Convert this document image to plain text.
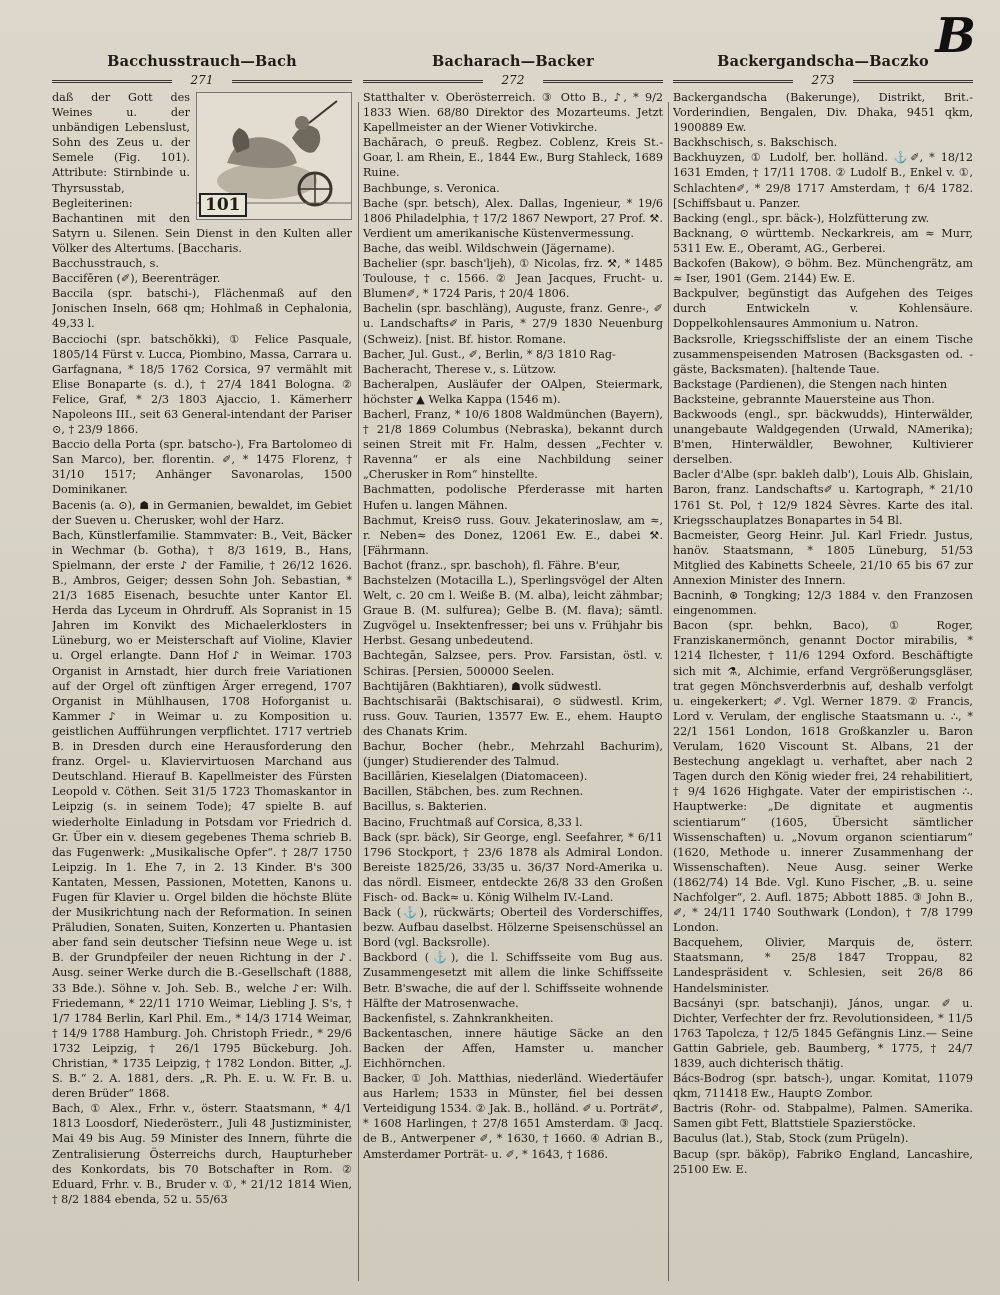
B
Bacchusstrauch—Bach
271
101

daß der Gott des Weines u. der unbändigen Lebenslust, Sohn des Zeus u. der Semele (Fig. 101). Attribute: Stirnbinde u. Thyrsusstab, Begleiterinen: Bachantinen mit den Satyrn u. Silenen. Sein Dienst in den Kulten aller Völker des Altertums. [Baccharis.

Bacchusstrauch, s.

Baccifēren (✐), Beerenträger.

Baccila (spr. batschi-), Flächenmaß auf den Jonischen Inseln, 668 qm; Hohlmaß in Cephalonia, 49,33 l.

Bacciochi (spr. batschŏkki), ① Felice Pasquale, 1805/14 Fürst v. Lucca, Piombino, Massa, Carrara u. Garfagnana, * 18/5 1762 Corsica, 97 vermählt mit Elise Bonaparte (s. d.), † 27/4 1841 Bologna. ② Felice, Graf, * 2/3 1803 Ajaccio, 1. Kämerherr Napoleons III., seit 63 General-intendant der Pariser ⊙, † 23/9 1866.

Baccio della Porta (spr. batscho-), Fra Bartolomeo di San Marco), ber. florentin. ✐, * 1475 Florenz, † 31/10 1517; Anhänger Savonarolas, 1500 Dominikaner.

Bacenis (a. ⊙), ☗ in Germanien, bewaldet, im Gebiet der Sueven u. Cherusker, wohl der Harz.

Bach, Künstlerfamilie. Stammvater: B., Veit, Bäcker in Wechmar (b. Gotha), † 8/3 1619, B., Hans, Spielmann, der erste ♪ der Familie, † 26/12 1626. B., Ambros, Geiger; dessen Sohn Joh. Sebastian, * 21/3 1685 Eisenach, besuchte unter Kantor El. Herda das Lyceum in Ohrdruff. Als Sopranist in 15 Jahren im Konvikt des Michaelerklosters in Lüneburg, wo er Meisterschaft auf Violine, Klavier u. Orgel erlangte. Dann Hof♪ in Weimar. 1703 Organist in Arnstadt, hier durch freie Variationen auf der Orgel oft zünftigen Ärger erregend, 1707 Organist in Mühlhausen, 1708 Hoforganist u. Kammer♪ in Weimar u. zu Komposition u. geistlichen Aufführungen verpflichtet. 1717 vertrieb B. in Dresden durch eine Herausforderung den franz. Orgel- u. Klaviervirtuosen Marchand aus Deutschland. Hierauf B. Kapellmeister des Fürsten Leopold v. Cöthen. Seit 31/5 1723 Thomaskantor in Leipzig (s. in seinem Tode); 47 spielte B. auf wiederholte Einladung in Potsdam vor Friedrich d. Gr. Über ein v. diesem gegebenes Thema schrieb B. das Fugenwerk: „Musikalische Opfer“. † 28/7 1750 Leipzig. In 1. Ehe 7, in 2. 13 Kinder. B's 300 Kantaten, Messen, Passionen, Motetten, Kanons u. Fugen für Klavier u. Orgel bilden die höchste Blüte der Musikrichtung nach der Reformation. In seinen Präludien, Sonaten, Suiten, Konzerten u. Phantasien aber fand sein deutscher Tiefsinn neue Wege u. ist B. der Grundpfeiler der neuen Richtung in der ♪. Ausg. seiner Werke durch die B.-Gesellschaft (1888, 33 Bde.). Söhne v. Joh. Seb. B., welche ♪er: Wilh. Friedemann, * 22/11 1710 Weimar, Liebling J. S's, † 1/7 1784 Berlin, Karl Phil. Em., * 14/3 1714 Weimar, † 14/9 1788 Hamburg. Joh. Christoph Friedr., * 29/6 1732 Leipzig, † 26/1 1795 Bückeburg. Joh. Christian, * 1735 Leipzig, † 1782 London. Bitter, „J. S. B.“ 2. A. 1881, ders. „R. Ph. E. u. W. Fr. B. u. deren Brüder“ 1868.

Bach, ① Alex., Frhr. v., österr. Staatsmann, * 4/1 1813 Loosdorf, Niederösterr., Juli 48 Justizminister, Mai 49 bis Aug. 59 Minister des Innern, führte die Zentralisierung Österreichs durch, Haupturheber des Konkordats, bis 70 Botschafter in Rom. ② Eduard, Frhr. v. B., Bruder v. ①, * 21/12 1814 Wien, † 8/2 1884 ebenda, 52 u. 55/63

Bacharach—Backer
272

Statthalter v. Oberösterreich. ③ Otto B., ♪, * 9/2 1833 Wien. 68/80 Direktor des Mozarteums. Jetzt Kapellmeister an der Wiener Votivkirche.

Bachārach, ⊙ preuß. Regbez. Coblenz, Kreis St.-Goar, l. am Rhein, E., 1844 Ew., Burg Stahleck, 1689 Ruine.

Bachbunge, s. Veronica.

Bache (spr. betsch), Alex. Dallas, Ingenieur, * 19/6 1806 Philadelphia, † 17/2 1867 Newport, 27 Prof. ⚒. Verdient um amerikanische Küstenvermessung.

Bache, das weibl. Wildschwein (Jägername).

Bachelier (spr. basch'ljeh), ① Nicolas, frz. ⚒, * 1485 Toulouse, † c. 1566. ② Jean Jacques, Frucht- u. Blumen✐, * 1724 Paris, † 20/4 1806.

Bachelin (spr. baschläng), Auguste, franz. Genre-, ✐ u. Landschafts✐ in Paris, * 27/9 1830 Neuenburg (Schweiz). [nist. Bf. histor. Romane.

Bacher, Jul. Gust., ✐, Berlin, * 8/3 1810 Rag-

Bacheracht, Therese v., s. Lützow.

Bacheralpen, Ausläufer der OAlpen, Steiermark, höchster ▲ Welka Kappa (1546 m).

Bacherl, Franz, * 10/6 1808 Waldmünchen (Bayern), † 21/8 1869 Columbus (Nebraska), bekannt durch seinen Streit mit Fr. Halm, dessen „Fechter v. Ravenna“ er als eine Nachbildung seiner „Cherusker in Rom“ hinstellte.

Bachmatten, podolische Pferderasse mit harten Hufen u. langen Mähnen.

Bachmut, Kreis⊙ russ. Gouv. Jekaterinoslaw, am ≈, r. Neben≈ des Donez, 12061 Ew. E., dabei ⚒. [Fährmann.

Bachot (franz., spr. baschoh), fl. Fähre. B'eur,

Bachstelzen (Motacilla L.), Sperlingsvögel der Alten Welt, c. 20 cm l. Weiße B. (M. alba), leicht zähmbar; Graue B. (M. sulfurea); Gelbe B. (M. flava); sämtl. Zugvögel u. Insektenfresser; bei uns v. Frühjahr bis Herbst. Gesang unbedeutend.

Bachtegān, Salzsee, pers. Prov. Farsistan, östl. v. Schiras. [Persien, 500000 Seelen.

Bachtijāren (Bakhtiaren), ☗volk südwestl.

Bachtschisarāi (Baktschisarai), ⊙ südwestl. Krim, russ. Gouv. Taurien, 13577 Ew. E., ehem. Haupt⊙ des Chanats Krim.

Bachur, Bocher (hebr., Mehrzahl Bachurim), (junger) Studierender des Talmud.

Bacillārien, Kieselalgen (Diatomaceen).

Bacillen, Stäbchen, bes. zum Rechnen.

Bacillus, s. Bakterien.

Bacino, Fruchtmaß auf Corsica, 8,33 l.

Back (spr. bäck), Sir George, engl. Seefahrer, * 6/11 1796 Stockport, † 23/6 1878 als Admiral London. Bereiste 1825/26, 33/35 u. 36/37 Nord-Amerika u. das nördl. Eismeer, entdeckte 26/8 33 den Großen Fisch- od. Back≈ u. König Wilhelm IV.-Land.

Back (⚓), rückwärts; Oberteil des Vorderschiffes, bezw. Aufbau daselbst. Hölzerne Speisenschüssel an Bord (vgl. Backsrolle).

Backbord (⚓), die l. Schiffsseite vom Bug aus. Zusammengesetzt mit allem die linke Schiffsseite Betr. B'swache, die auf der l. Schiffsseite wohnende Hälfte der Matrosenwache.

Backenfistel, s. Zahnkrankheiten.

Backentaschen, innere häutige Säcke an den Backen der Affen, Hamster u. mancher Eichhörnchen.

Backer, ① Joh. Matthias, niederländ. Wiedertäufer aus Harlem; 1533 in Münster, fiel bei dessen Verteidigung 1534. ② Jak. B., holländ. ✐ u. Porträt✐, * 1608 Harlingen, † 27/8 1651 Amsterdam. ③ Jacq. de B., Antwerpener ✐, * 1630, † 1660. ④ Adrian B., Amsterdamer Porträt- u. ✐, * 1643, † 1686.

Backergandscha—Baczko
273

Backergandscha (Bakerunge), Distrikt, Brit.-Vorderindien, Bengalen, Div. Dhaka, 9451 qkm, 1900889 Ew.

Backhschisch, s. Bakschisch.

Backhuyzen, ① Ludolf, ber. holländ. ⚓✐, * 18/12 1631 Emden, † 17/11 1708. ② Ludolf B., Enkel v. ①, Schlachten✐, * 29/8 1717 Amsterdam, † 6/4 1782. [Schiffsbaut u. Panzer.

Backing (engl., spr. bäck-), Holzfütterung zw.

Backnang, ⊙ württemb. Neckarkreis, am ≈ Murr, 5311 Ew. E., Oberamt, AG., Gerberei.

Backofen (Bakow), ⊙ böhm. Bez. Münchengrätz, am ≈ Iser, 1901 (Gem. 2144) Ew. E.

Backpulver, begünstigt das Aufgehen des Teiges durch Entwickeln v. Kohlensäure. Doppelkohlensaures Ammonium u. Natron.

Backsrolle, Kriegsschiffsliste der an einem Tische zusammenspeisenden Matrosen (Backsgasten od. -gäste, Backsmaten). [haltende Taue.

Backstage (Pardienen), die Stengen nach hinten

Backsteine, gebrannte Mauersteine aus Thon.

Backwoods (engl., spr. bäckwudds), Hinterwälder, unangebaute Waldgegenden (Urwald, NAmerika); B'men, Hinterwäldler, Bewohner, Kultivierer derselben.

Bacler d'Albe (spr. bakleh dalb'), Louis Alb. Ghislain, Baron, franz. Landschafts✐ u. Kartograph, * 21/10 1761 St. Pol, † 12/9 1824 Sèvres. Karte des ital. Kriegsschauplatzes Bonapartes in 54 Bl.

Bacmeister, Georg Heinr. Jul. Karl Friedr. Justus, hanöv. Staatsmann, * 1805 Lüneburg, 51/53 Mitglied des Kabinetts Scheele, 21/10 65 bis 67 zur Annexion Minister des Innern.

Bacninh, ⊛ Tongking; 12/3 1884 v. den Franzosen eingenommen.

Bacon (spr. behkn, Baco), ① Roger, Franziskanermönch, genannt Doctor mirabilis, * 1214 Ilchester, † 11/6 1294 Oxford. Beschäftigte sich mit ⚗, Alchimie, erfand Vergrößerungsgläser, trat gegen Mönchsverderbnis auf, deshalb verfolgt u. eingekerkert; ✐. Vgl. Werner 1879. ② Francis, Lord v. Verulam, der englische Staatsmann u. ∴, * 22/1 1561 London, 1618 Großkanzler u. Baron Verulam, 1620 Viscount St. Albans, 21 der Bestechung angeklagt u. verhaftet, aber nach 2 Tagen durch den König wieder frei, 24 rehabilitiert, † 9/4 1626 Highgate. Vater der empiristischen ∴. Hauptwerke: „De dignitate et augmentis scientiarum“ (1605, Übersicht sämtlicher Wissenschaften) u. „Novum organon scientiarum“ (1620, Methode u. innerer Zusammenhang der Wissenschaften). Neue Ausg. seiner Werke (1862/74) 14 Bde. Vgl. Kuno Fischer, „B. u. seine Nachfolger“, 2. Aufl. 1875; Abbott 1885. ③ John B., ✐, * 24/11 1740 Southwark (London), † 7/8 1799 London.

Bacquehem, Olivier, Marquis de, österr. Staatsmann, * 25/8 1847 Troppau, 82 Landespräsident v. Schlesien, seit 26/8 86 Handelsminister.

Bacsányi (spr. batschanji), János, ungar. ✐ u. Dichter, Verfechter der frz. Revolutionsideen, * 11/5 1763 Tapolcza, † 12/5 1845 Gefängnis Linz.— Seine Gattin Gabriele, geb. Baumberg, * 1775, † 24/7 1839, auch dichterisch thätig.

Bács-Bodrog (spr. batsch-), ungar. Komitat, 11079 qkm, 711418 Ew., Haupt⊙ Zombor.

Bactris (Rohr- od. Stabpalme), Palmen. SAmerika. Samen gibt Fett, Blattstiele Spazierstöcke.

Baculus (lat.), Stab, Stock (zum Prügeln).

Bacup (spr. bäköp), Fabrik⊙ England, Lancashire, 25100 Ew. E.
